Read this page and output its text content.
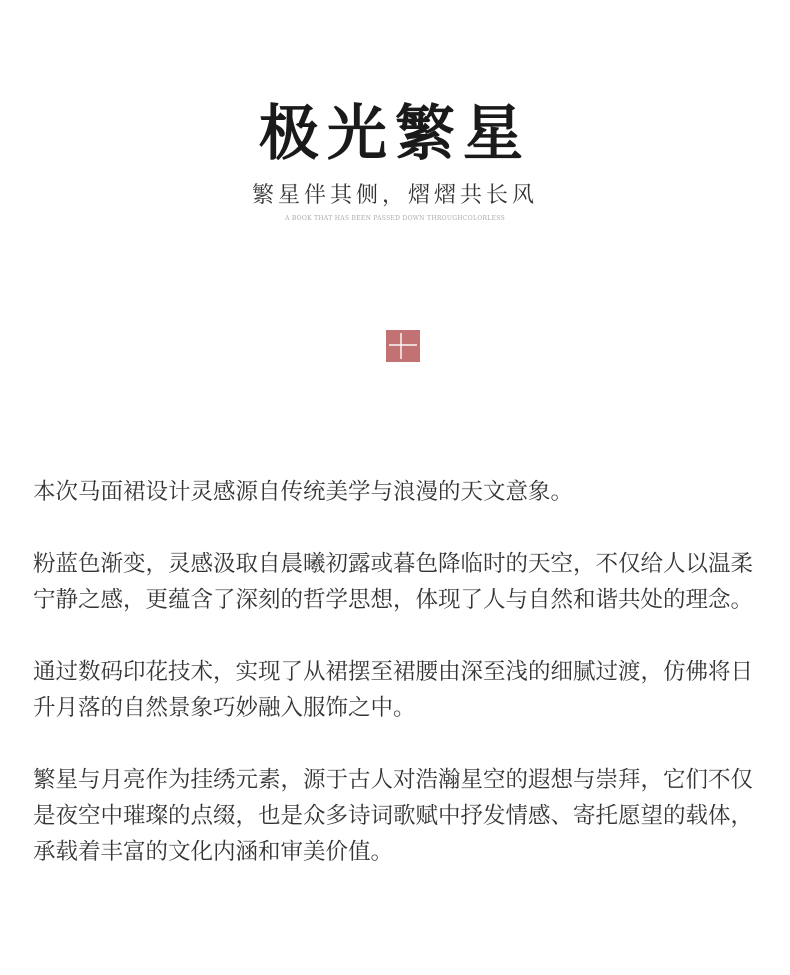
极光繁星
繁星伴其侧，熠熠共长风
A BOOK THAT HAS BEEN PASSED DOWN THROUGHCOLORLESS

本次马面裙设计灵感源自传统美学与浪漫的天文意象。

粉蓝色渐变，灵感汲取自晨曦初露或暮色降临时的天空，不仅给人以温柔宁静之感，更蕴含了深刻的哲学思想，体现了人与自然和谐共处的理念。

通过数码印花技术，实现了从裙摆至裙腰由深至浅的细腻过渡，仿佛将日升月落的自然景象巧妙融入服饰之中。

繁星与月亮作为挂绣元素，源于古人对浩瀚星空的遐想与崇拜，它们不仅是夜空中璀璨的点缀，也是众多诗词歌赋中抒发情感、寄托愿望的载体，承载着丰富的文化内涵和审美价值。
